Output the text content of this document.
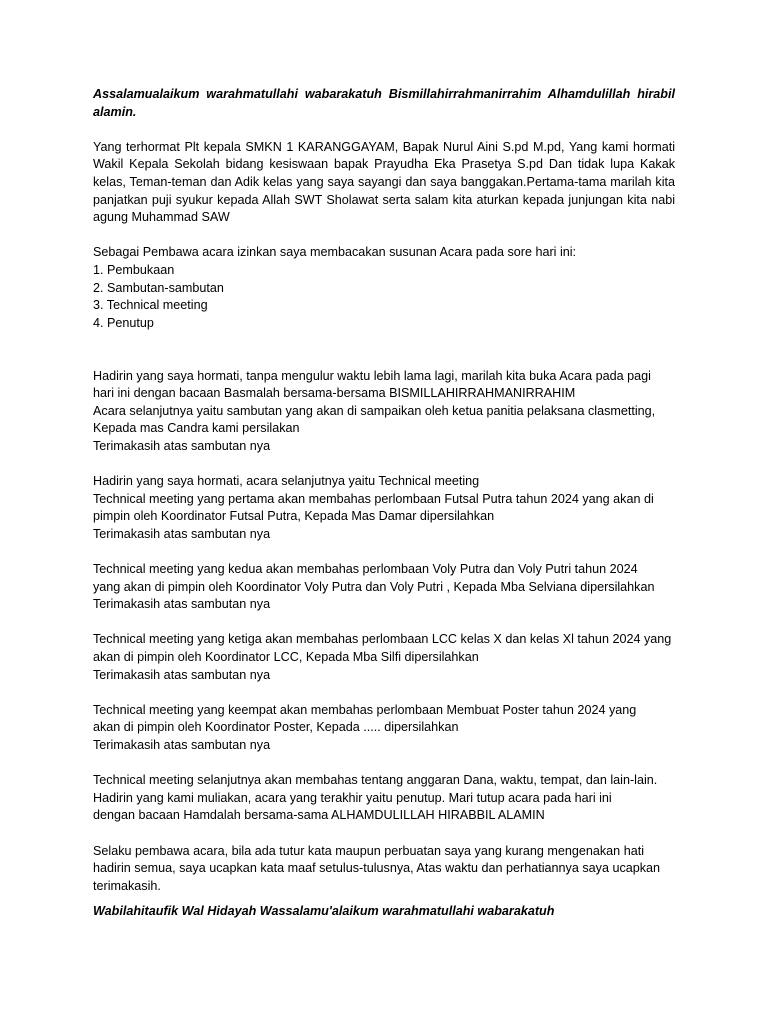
Assalamualaikum warahmatullahi wabarakatuh Bismillahirrahmanirrahim Alhamdulillah hirabil alamin.

Yang terhormat Plt kepala SMKN 1 KARANGGAYAM, Bapak Nurul Aini S.pd M.pd, Yang kami hormati Wakil Kepala Sekolah bidang kesiswaan bapak Prayudha Eka Prasetya S.pd Dan tidak lupa Kakak kelas, Teman-teman dan Adik kelas yang saya sayangi dan saya banggakan.Pertama-tama marilah kita panjatkan puji syukur kepada Allah SWT Sholawat serta salam kita aturkan kepada junjungan kita nabi agung Muhammad SAW

Sebagai Pembawa acara izinkan saya membacakan susunan Acara pada sore hari ini:
1. Pembukaan
2. Sambutan-sambutan
3. Technical meeting
4. Penutup
Hadirin yang saya hormati, tanpa mengulur waktu lebih lama lagi, marilah kita buka Acara pada pagi
hari ini dengan bacaan Basmalah bersama-bersama BISMILLAHIRRAHMANIRRAHIM
Acara selanjutnya yaitu sambutan yang akan di sampaikan oleh ketua panitia pelaksana clasmetting,
Kepada mas Candra kami persilakan
Terimakasih atas sambutan nya
Hadirin yang saya hormati, acara selanjutnya yaitu Technical meeting
Technical meeting yang pertama akan membahas perlombaan Futsal Putra tahun 2024 yang akan di
pimpin oleh Koordinator Futsal Putra, Kepada Mas Damar dipersilahkan
Terimakasih atas sambutan nya
Technical meeting yang kedua akan membahas perlombaan Voly Putra dan Voly Putri tahun 2024
yang akan di pimpin oleh Koordinator Voly Putra dan Voly Putri , Kepada Mba Selviana dipersilahkan
Terimakasih atas sambutan nya
Technical meeting yang ketiga akan membahas perlombaan LCC kelas X dan kelas Xl tahun 2024 yang
akan di pimpin oleh Koordinator LCC, Kepada Mba Silfi dipersilahkan
Terimakasih atas sambutan nya
Technical meeting yang keempat akan membahas perlombaan Membuat Poster tahun 2024 yang
akan di pimpin oleh Koordinator Poster, Kepada ..... dipersilahkan
Terimakasih atas sambutan nya
Technical meeting selanjutnya akan membahas tentang anggaran Dana, waktu, tempat, dan lain-lain.
Hadirin yang kami muliakan, acara yang terakhir yaitu penutup. Mari tutup acara pada hari ini
dengan bacaan Hamdalah bersama-sama ALHAMDULILLAH HIRABBIL ALAMIN
Selaku pembawa acara, bila ada tutur kata maupun perbuatan saya yang kurang mengenakan hati
hadirin semua, saya ucapkan kata maaf setulus-tulusnya, Atas waktu dan perhatiannya saya ucapkan
terimakasih.

Wabilahitaufik Wal Hidayah Wassalamu'alaikum warahmatullahi wabarakatuh
